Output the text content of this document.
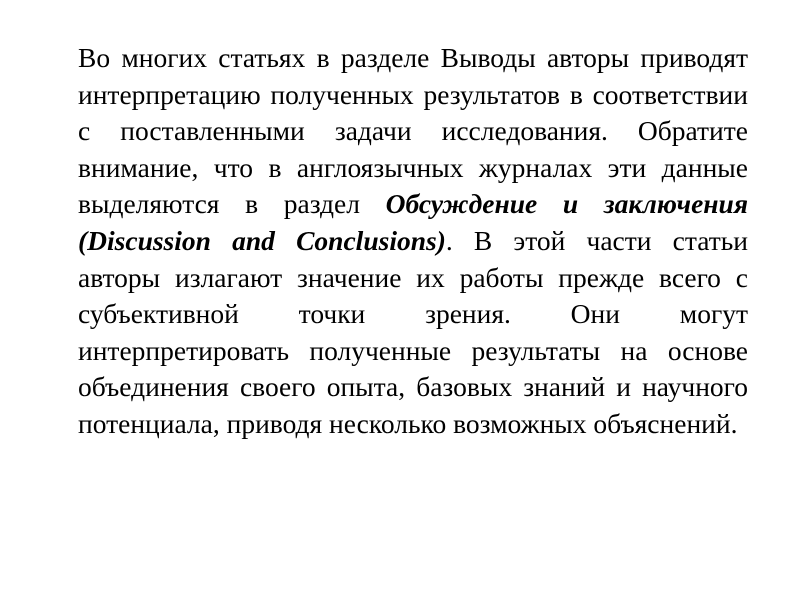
Во многих статьях в разделе Выводы авторы приводят интерпретацию полученных результатов в соответствии с поставленными задачи исследования. Обратите внимание, что в англоязычных журналах эти данные выделяются в раздел Обсуждение и заключения (Discussion and Conclusions). В этой части статьи авторы излагают значение их работы прежде всего с субъективной точки зрения. Они могут интерпретировать полученные результаты на основе объединения своего опыта, базовых знаний и научного потенциала, приводя несколько возможных объяснений.
